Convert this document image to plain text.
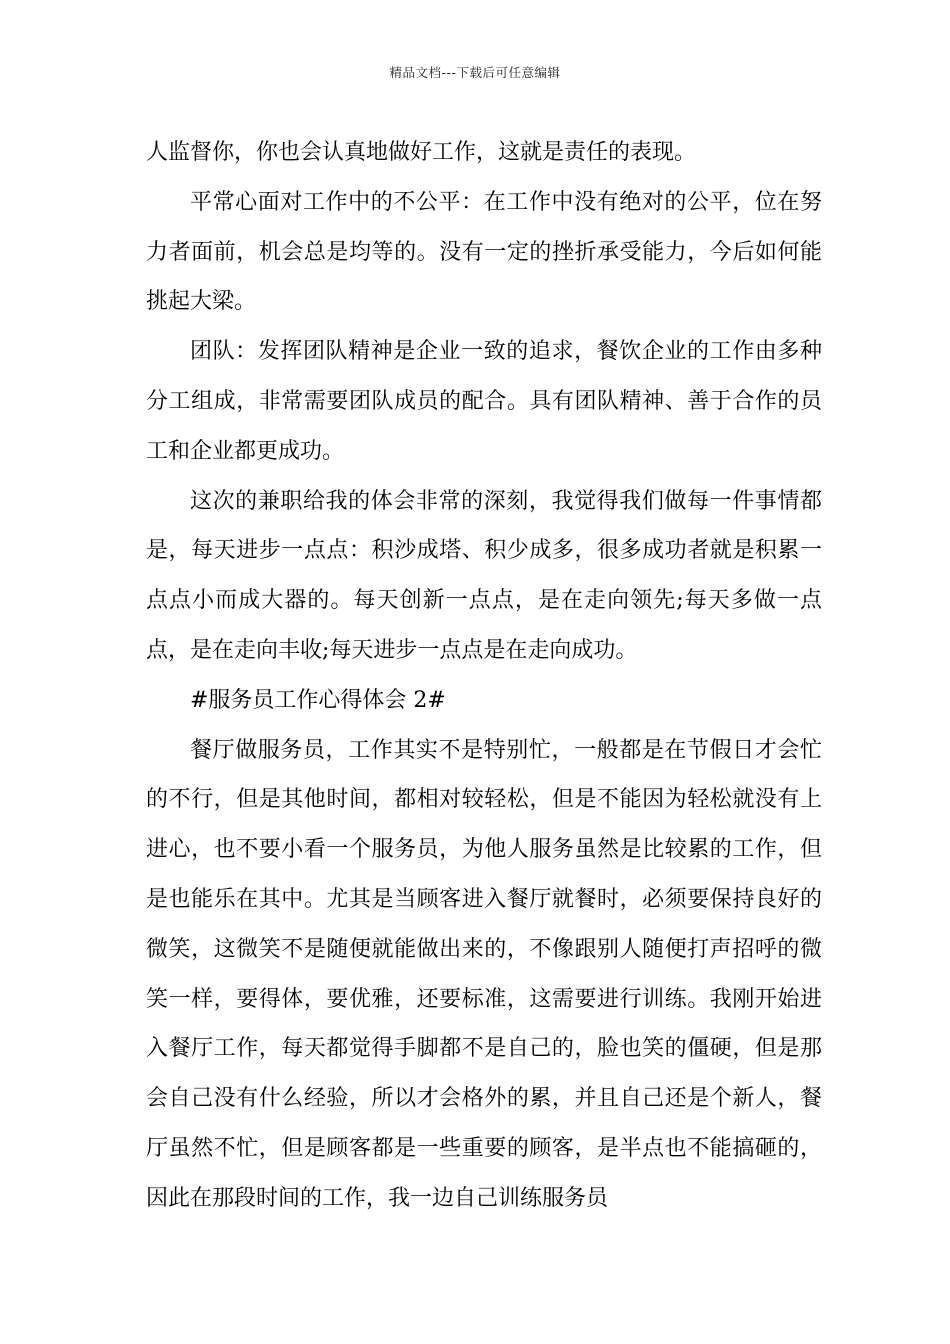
精品文档---下载后可任意编辑

人监督你，你也会认真地做好工作，这就是责任的表现。

平常心面对工作中的不公平：在工作中没有绝对的公平，位在努力者面前，机会总是均等的。没有一定的挫折承受能力，今后如何能挑起大梁。

团队：发挥团队精神是企业一致的追求，餐饮企业的工作由多种分工组成，非常需要团队成员的配合。具有团队精神、善于合作的员工和企业都更成功。

这次的兼职给我的体会非常的深刻，我觉得我们做每一件事情都是，每天进步一点点：积沙成塔、积少成多，很多成功者就是积累一点点小而成大器的。每天创新一点点，是在走向领先;每天多做一点点，是在走向丰收;每天进步一点点是在走向成功。

#服务员工作心得体会 2#

餐厅做服务员，工作其实不是特别忙，一般都是在节假日才会忙的不行，但是其他时间，都相对较轻松，但是不能因为轻松就没有上进心，也不要小看一个服务员，为他人服务虽然是比较累的工作，但是也能乐在其中。尤其是当顾客进入餐厅就餐时，必须要保持良好的微笑，这微笑不是随便就能做出来的，不像跟别人随便打声招呼的微笑一样，要得体，要优雅，还要标准，这需要进行训练。我刚开始进入餐厅工作，每天都觉得手脚都不是自己的，脸也笑的僵硬，但是那会自己没有什么经验，所以才会格外的累，并且自己还是个新人，餐厅虽然不忙，但是顾客都是一些重要的顾客，是半点也不能搞砸的，因此在那段时间的工作，我一边自己训练服务员
